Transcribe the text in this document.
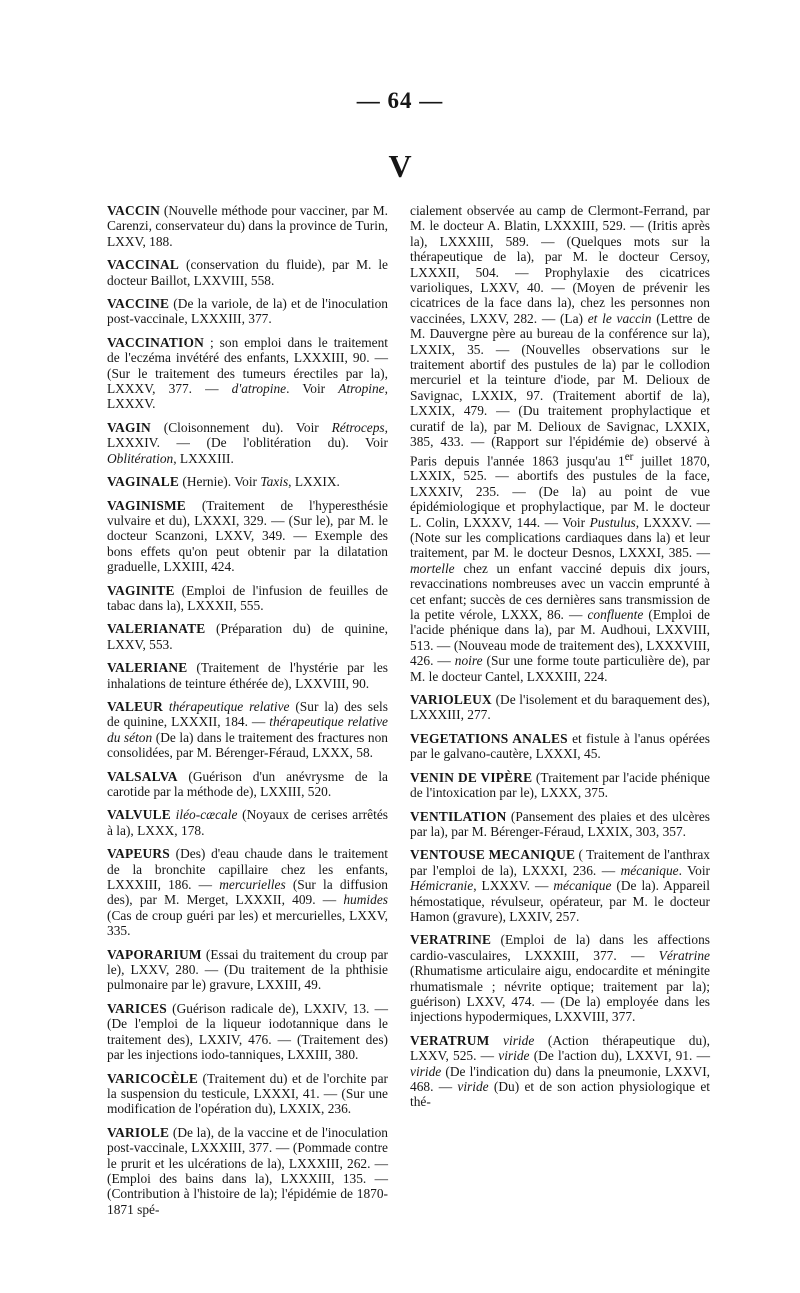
— 64 —
V

VACCIN (Nouvelle méthode pour vacciner, par M. Carenzi, conservateur du) dans la province de Turin, LXXV, 188.

VACCINAL (conservation du fluide), par M. le docteur Baillot, LXXVIII, 558.

VACCINE (De la variole, de la) et de l'inoculation post-vaccinale, LXXXIII, 377.

VACCINATION ; son emploi dans le traitement de l'eczéma invétéré des enfants, LXXXIII, 90. — (Sur le traitement des tumeurs érectiles par la), LXXXV, 377. — d'atropine. Voir Atropine, LXXXV.

VAGIN (Cloisonnement du). Voir Rétroceps, LXXXIV. — (De l'oblitération du). Voir Oblitération, LXXXIII.

VAGINALE (Hernie). Voir Taxis, LXXIX.

VAGINISME (Traitement de l'hyperesthésie vulvaire et du), LXXXI, 329. — (Sur le), par M. le docteur Scanzoni, LXXV, 349. — Exemple des bons effets qu'on peut obtenir par la dilatation graduelle, LXXIII, 424.

VAGINITE (Emploi de l'infusion de feuilles de tabac dans la), LXXXII, 555.

VALERIANATE (Préparation du) de quinine, LXXV, 553.

VALERIANE (Traitement de l'hystérie par les inhalations de teinture éthérée de), LXXVIII, 90.

VALEUR thérapeutique relative (Sur la) des sels de quinine, LXXXII, 184. — thérapeutique relative du séton (De la) dans le traitement des fractures non consolidées, par M. Bérenger-Féraud, LXXX, 58.

VALSALVA (Guérison d'un anévrysme de la carotide par la méthode de), LXXIII, 520.

VALVULE iléo-cæcale (Noyaux de cerises arrêtés à la), LXXX, 178.

VAPEURS (Des) d'eau chaude dans le traitement de la bronchite capillaire chez les enfants, LXXXIII, 186. — mercurielles (Sur la diffusion des), par M. Merget, LXXXII, 409. — humides (Cas de croup guéri par les) et mercurielles, LXXV, 335.

VAPORARIUM (Essai du traitement du croup par le), LXXV, 280. — (Du traitement de la phthisie pulmonaire par le) gravure, LXXIII, 49.

VARICES (Guérison radicale de), LXXIV, 13. — (De l'emploi de la liqueur iodotannique dans le traitement des), LXXIV, 476. — (Traitement des) par les injections iodo-tanniques, LXXIII, 380.

VARICOCÈLE (Traitement du) et de l'orchite par la suspension du testicule, LXXXI, 41. — (Sur une modification de l'opération du), LXXIX, 236.

VARIOLE (De la), de la vaccine et de l'inoculation post-vaccinale, LXXXIII, 377. — (Pommade contre le prurit et les ulcérations de la), LXXXIII, 262. — (Emploi des bains dans la), LXXXIII, 135. — (Contribution à l'histoire de la); l'épidémie de 1870-1871 spé-

cialement observée au camp de Clermont-Ferrand, par M. le docteur A. Blatin, LXXXIII, 529. — (Iritis après la), LXXXIII, 589. — (Quelques mots sur la thérapeutique de la), par M. le docteur Cersoy, LXXXII, 504. — Prophylaxie des cicatrices varioliques, LXXV, 40. — (Moyen de prévenir les cicatrices de la face dans la), chez les personnes non vaccinées, LXXV, 282. — (La) et le vaccin (Lettre de M. Dauvergne père au bureau de la conférence sur la), LXXIX, 35. — (Nouvelles observations sur le traitement abortif des pustules de la) par le collodion mercuriel et la teinture d'iode, par M. Delioux de Savignac, LXXIX, 97. (Traitement abortif de la), LXXIX, 479. — (Du traitement prophylactique et curatif de la), par M. Delioux de Savignac, LXXIX, 385, 433. — (Rapport sur l'épidémie de) observé à Paris depuis l'année 1863 jusqu'au 1er juillet 1870, LXXIX, 525. — abortifs des pustules de la face, LXXXIV, 235. — (De la) au point de vue épidémiologique et prophylactique, par M. le docteur L. Colin, LXXXV, 144. — Voir Pustulus, LXXXV. — (Note sur les complications cardiaques dans la) et leur traitement, par M. le docteur Desnos, LXXXI, 385. — mortelle chez un enfant vacciné depuis dix jours, revaccinations nombreuses avec un vaccin emprunté à cet enfant; succès de ces dernières sans transmission de la petite vérole, LXXX, 86. — confluente (Emploi de l'acide phénique dans la), par M. Audhoui, LXXVIII, 513. — (Nouveau mode de traitement des), LXXXVIII, 426. — noire (Sur une forme toute particulière de), par M. le docteur Cantel, LXXXIII, 224.

VARIOLEUX (De l'isolement et du baraquement des), LXXXIII, 277.

VEGETATIONS ANALES et fistule à l'anus opérées par le galvano-cautère, LXXXI, 45.

VENIN DE VIPÈRE (Traitement par l'acide phénique de l'intoxication par le), LXXX, 375.

VENTILATION (Pansement des plaies et des ulcères par la), par M. Bérenger-Féraud, LXXIX, 303, 357.

VENTOUSE MECANIQUE ( Traitement de l'anthrax par l'emploi de la), LXXXI, 236. — mécanique. Voir Hémicranie, LXXXV. — mécanique (De la). Appareil hémostatique, révulseur, opérateur, par M. le docteur Hamon (gravure), LXXIV, 257.

VERATRINE (Emploi de la) dans les affections cardio-vasculaires, LXXXIII, 377. — Vératrine (Rhumatisme articulaire aigu, endocardite et méningite rhumatismale ; névrite optique; traitement par la); guérison) LXXV, 474. — (De la) employée dans les injections hypodermiques, LXXVIII, 377.

VERATRUM viride (Action thérapeutique du), LXXV, 525. — viride (De l'action du), LXXVI, 91. — viride (De l'indication du) dans la pneumonie, LXXVI, 468. — viride (Du) et de son action physiologique et thé-
